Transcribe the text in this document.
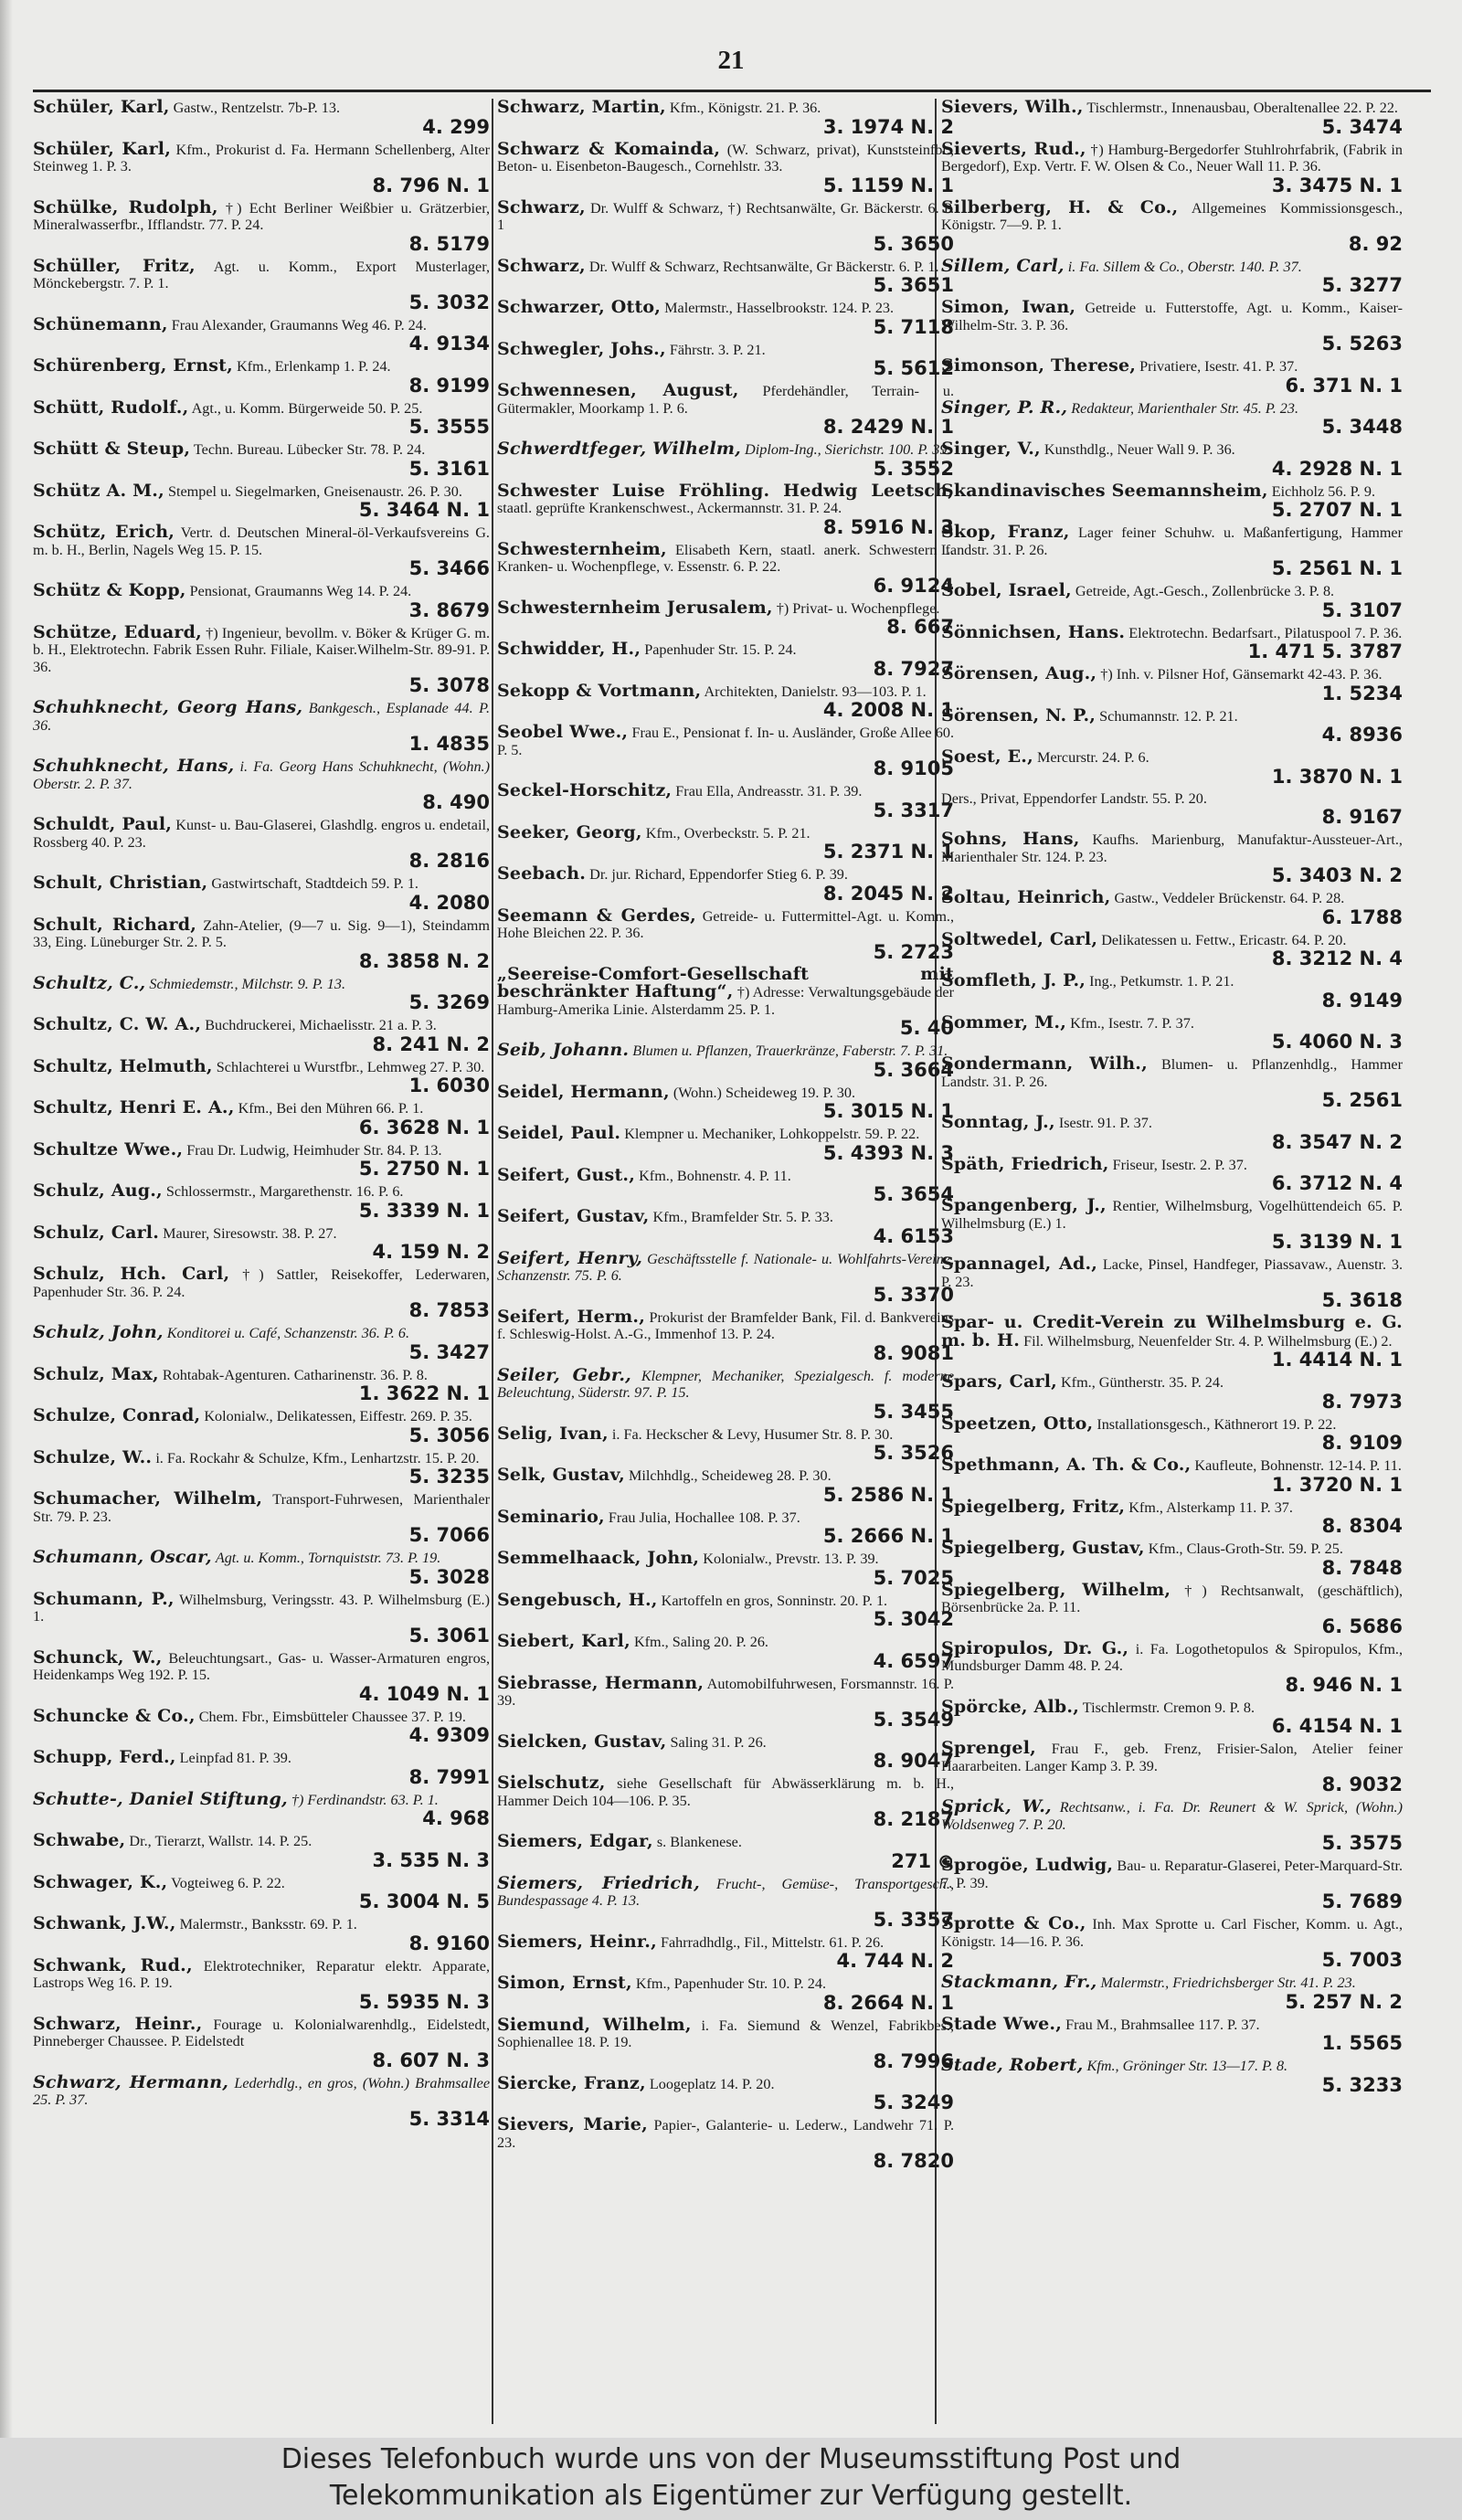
21
Schüler, Karl, Gastw., Rentzelstr. 7b-P. 13.
4. 299
Schüler, Karl, Kfm., Prokurist d. Fa. Hermann Schellenberg, Alter Steinweg 1. P. 3.
8. 796 N. 1
Schülke, Rudolph, †) Echt Berliner Weißbier u. Grätzerbier, Mineralwasserfbr., Ifflandstr. 77. P. 24.
8. 5179
Schüller, Fritz, Agt. u. Komm., Export Musterlager, Mönckebergstr. 7. P. 1.
5. 3032
Schünemann, Frau Alexander, Graumanns Weg 46. P. 24.
4. 9134
Schürenberg, Ernst, Kfm., Erlenkamp 1. P. 24.
8. 9199
Schütt, Rudolf., Agt., u. Komm. Bürgerweide 50. P. 25.
5. 3555
Schütt & Steup, Techn. Bureau. Lübecker Str. 78. P. 24.
5. 3161
Schütz A. M., Stempel u. Siegelmarken, Gneisenaustr. 26. P. 30.
5. 3464 N. 1
Schütz, Erich, Vertr. d. Deutschen Mineral-öl-Verkaufsvereins G. m. b. H., Berlin, Nagels Weg 15. P. 15.
5. 3466
Schütz & Kopp, Pensionat, Graumanns Weg 14. P. 24.
3. 8679
Schütze, Eduard, †) Ingenieur, bevollm. v. Böker & Krüger G. m. b. H., Elektrotechn. Fabrik Essen Ruhr. Filiale, Kaiser.Wilhelm-Str. 89-91. P. 36.
5. 3078
Schuhknecht, Georg Hans, Bankgesch., Esplanade 44. P. 36.
1. 4835
Schuhknecht, Hans, i. Fa. Georg Hans Schuhknecht, (Wohn.) Oberstr. 2. P. 37.
8. 490
Schuldt, Paul, Kunst- u. Bau-Glaserei, Glashdlg. engros u. endetail, Rossberg 40. P. 23.
8. 2816
Schult, Christian, Gastwirtschaft, Stadtdeich 59. P. 1.
4. 2080
Schult, Richard, Zahn-Atelier, (9—7 u. Sig. 9—1), Steindamm 33, Eing. Lüneburger Str. 2. P. 5.
8. 3858 N. 2
Schultz, C., Schmiedemstr., Milchstr. 9. P. 13.
5. 3269
Schultz, C. W. A., Buchdruckerei, Michaelisstr. 21 a. P. 3.
8. 241 N. 2
Schultz, Helmuth, Schlachterei u Wurstfbr., Lehmweg 27. P. 30.
1. 6030
Schultz, Henri E. A., Kfm., Bei den Mühren 66. P. 1.
6. 3628 N. 1
Schultze Wwe., Frau Dr. Ludwig, Heimhuder Str. 84. P. 13.
5. 2750 N. 1
Schulz, Aug., Schlossermstr., Margarethenstr. 16. P. 6.
5. 3339 N. 1
Schulz, Carl. Maurer, Siresowstr. 38. P. 27.
4. 159 N. 2
Schulz, Hch. Carl, †) Sattler, Reisekoffer, Lederwaren, Papenhuder Str. 36. P. 24.
8. 7853
Schulz, John, Konditorei u. Café, Schanzenstr. 36. P. 6.
5. 3427
Schulz, Max, Rohtabak-Agenturen. Catharinenstr. 36. P. 8.
1. 3622 N. 1
Schulze, Conrad, Kolonialw., Delikatessen, Eiffestr. 269. P. 35.
5. 3056
Schulze, W.. i. Fa. Rockahr & Schulze, Kfm., Lenhartzstr. 15. P. 20.
5. 3235
Schumacher, Wilhelm, Transport-Fuhrwesen, Marienthaler Str. 79. P. 23.
5. 7066
Schumann, Oscar, Agt. u. Komm., Tornquiststr. 73. P. 19.
5. 3028
Schumann, P., Wilhelmsburg, Veringsstr. 43. P. Wilhelmsburg (E.) 1.
5. 3061
Schunck, W., Beleuchtungsart., Gas- u. Wasser-Armaturen engros, Heidenkamps Weg 192. P. 15.
4. 1049 N. 1
Schuncke & Co., Chem. Fbr., Eimsbütteler Chaussee 37. P. 19.
4. 9309
Schupp, Ferd., Leinpfad 81. P. 39.
8. 7991
Schutte-, Daniel Stiftung, †) Ferdinandstr. 63. P. 1.
4. 968
Schwabe, Dr., Tierarzt, Wallstr. 14. P. 25.
3. 535 N. 3
Schwager, K., Vogteiweg 6. P. 22.
5. 3004 N. 5
Schwank, J.W., Malermstr., Banksstr. 69. P. 1.
8. 9160
Schwank, Rud., Elektrotechniker, Reparatur elektr. Apparate, Lastrops Weg 16. P. 19.
5. 5935 N. 3
Schwarz, Heinr., Fourage u. Kolonialwarenhdlg., Eidelstedt, Pinneberger Chaussee. P. Eidelstedt
8. 607 N. 3
Schwarz, Hermann, Lederhdlg., en gros, (Wohn.) Brahmsallee 25. P. 37.
5. 3314
Schwarz, Martin, Kfm., Königstr. 21. P. 36.
3. 1974 N. 2
Schwarz & Komainda, (W. Schwarz, privat), Kunststeinfbr., Beton- u. Eisenbeton-Baugesch., Cornehlstr. 33.
5. 1159 N. 1
Schwarz, Dr. Wulff & Schwarz, †) Rechtsanwälte, Gr. Bäckerstr. 6. P. 1
5. 3650
Schwarz, Dr. Wulff & Schwarz, Rechtsanwälte, Gr Bäckerstr. 6. P. 1.
5. 3651
Schwarzer, Otto, Malermstr., Hasselbrookstr. 124. P. 23.
5. 7118
Schwegler, Johs., Fährstr. 3. P. 21.
5. 5612
Schwennesen, August, Pferdehändler, Terrain- u. Gütermakler, Moorkamp 1. P. 6.
8. 2429 N. 1
Schwerdtfeger, Wilhelm, Diplom-Ing., Sierichstr. 100. P. 39.
5. 3552
Schwester Luise Fröhling. Hedwig Leetsch, staatl. geprüfte Krankenschwest., Ackermannstr. 31. P. 24.
8. 5916 N. 3
Schwesternheim, Elisabeth Kern, staatl. anerk. Schwestern f. Kranken- u. Wochenpflege, v. Essenstr. 6. P. 22.
6. 9124
Schwesternheim Jerusalem, †) Privat- u. Wochenpflege.
8. 667
Schwidder, H., Papenhuder Str. 15. P. 24.
8. 7927
Sekopp & Vortmann, Architekten, Danielstr. 93—103. P. 1.
4. 2008 N. 1
Seobel Wwe., Frau E., Pensionat f. In- u. Ausländer, Große Allee 60. P. 5.
8. 9105
Seckel-Horschitz, Frau Ella, Andreasstr. 31. P. 39.
5. 3317
Seeker, Georg, Kfm., Overbeckstr. 5. P. 21.
5. 2371 N. 1
Seebach. Dr. jur. Richard, Eppendorfer Stieg 6. P. 39.
8. 2045 N. 2
Seemann & Gerdes, Getreide- u. Futtermittel-Agt. u. Komm., Hohe Bleichen 22. P. 36.
5. 2723
„Seereise-Comfort-Gesellschaft mit beschränkter Haftung“, †) Adresse: Verwaltungsgebäude der Hamburg-Amerika Linie. Alsterdamm 25. P. 1.
5. 40
Seib, Johann. Blumen u. Pflanzen, Trauerkränze, Faberstr. 7. P. 31.
5. 3664
Seidel, Hermann, (Wohn.) Scheideweg 19. P. 30.
5. 3015 N. 1
Seidel, Paul. Klempner u. Mechaniker, Lohkoppelstr. 59. P. 22.
5. 4393 N. 3
Seifert, Gust., Kfm., Bohnenstr. 4. P. 11.
5. 3654
Seifert, Gustav, Kfm., Bramfelder Str. 5. P. 33.
4. 6153
Seifert, Henry, Geschäftsstelle f. Nationale- u. Wohlfahrts-Vereine, Schanzenstr. 75. P. 6.
5. 3370
Seifert, Herm., Prokurist der Bramfelder Bank, Fil. d. Bankvereins f. Schleswig-Holst. A.-G., Immenhof 13. P. 24.
8. 9081
Seiler, Gebr., Klempner, Mechaniker, Spezialgesch. f. moderne Beleuchtung, Süderstr. 97. P. 15.
5. 3455
Selig, Ivan, i. Fa. Heckscher & Levy, Husumer Str. 8. P. 30.
5. 3526
Selk, Gustav, Milchhdlg., Scheideweg 28. P. 30.
5. 2586 N. 1
Seminario, Frau Julia, Hochallee 108. P. 37.
5. 2666 N. 1
Semmelhaack, John, Kolonialw., Prevstr. 13. P. 39.
5. 7025
Sengebusch, H., Kartoffeln en gros, Sonninstr. 20. P. 1.
5. 3042
Siebert, Karl, Kfm., Saling 20. P. 26.
4. 6597
Siebrasse, Hermann, Automobilfuhrwesen, Forsmannstr. 16. P. 39.
5. 3549
Sielcken, Gustav, Saling 31. P. 26.
8. 9047
Sielschutz, siehe Gesellschaft für Abwässerklärung m. b. H., Hammer Deich 104—106. P. 35.
8. 2187
Siemers, Edgar, s. Blankenese.
271 ⊕
Siemers, Friedrich, Frucht-, Gemüse-, Transportgesch., Bundespassage 4. P. 13.
5. 3357
Siemers, Heinr., Fahrradhdlg., Fil., Mittelstr. 61. P. 26.
4. 744 N. 2
Simon, Ernst, Kfm., Papenhuder Str. 10. P. 24.
8. 2664 N. 1
Siemund, Wilhelm, i. Fa. Siemund & Wenzel, Fabrikbes., Sophienallee 18. P. 19.
8. 7996
Siercke, Franz, Loogeplatz 14. P. 20.
5. 3249
Sievers, Marie, Papier-, Galanterie- u. Lederw., Landwehr 71. P. 23.
8. 7820
Sievers, Wilh., Tischlermstr., Innenausbau, Oberaltenallee 22. P. 22.
5. 3474
Sieverts, Rud., †) Hamburg-Bergedorfer Stuhlrohrfabrik, (Fabrik in Bergedorf), Exp. Vertr. F. W. Olsen & Co., Neuer Wall 11. P. 36.
3. 3475 N. 1
Silberberg, H. & Co., Allgemeines Kommissionsgesch., Königstr. 7—9. P. 1.
8. 92
Sillem, Carl, i. Fa. Sillem & Co., Oberstr. 140. P. 37.
5. 3277
Simon, Iwan, Getreide u. Futterstoffe, Agt. u. Komm., Kaiser-Wilhelm-Str. 3. P. 36.
5. 5263
Simonson, Therese, Privatiere, Isestr. 41. P. 37.
6. 371 N. 1
Singer, P. R., Redakteur, Marienthaler Str. 45. P. 23.
5. 3448
Singer, V., Kunsthdlg., Neuer Wall 9. P. 36.
4. 2928 N. 1
Skandinavisches Seemannsheim, Eichholz 56. P. 9.
5. 2707 N. 1
Skop, Franz, Lager feiner Schuhw. u. Maßanfertigung, Hammer Landstr. 31. P. 26.
5. 2561 N. 1
Sobel, Israel, Getreide, Agt.-Gesch., Zollenbrücke 3. P. 8.
5. 3107
Sönnichsen, Hans. Elektrotechn. Bedarfsart., Pilatuspool 7. P. 36.
1. 471 5. 3787
Sörensen, Aug., †) Inh. v. Pilsner Hof, Gänsemarkt 42-43. P. 36.
1. 5234
Sörensen, N. P., Schumannstr. 12. P. 21.
4. 8936
Soest, E., Mercurstr. 24. P. 6.
1. 3870 N. 1
Ders., Privat, Eppendorfer Landstr. 55. P. 20.
8. 9167
Sohns, Hans, Kaufhs. Marienburg, Manufaktur-Aussteuer-Art., Marienthaler Str. 124. P. 23.
5. 3403 N. 2
Soltau, Heinrich, Gastw., Veddeler Brückenstr. 64. P. 28.
6. 1788
Soltwedel, Carl, Delikatessen u. Fettw., Ericastr. 64. P. 20.
8. 3212 N. 4
Somfleth, J. P., Ing., Petkumstr. 1. P. 21.
8. 9149
Sommer, M., Kfm., Isestr. 7. P. 37.
5. 4060 N. 3
Sondermann, Wilh., Blumen- u. Pflanzenhdlg., Hammer Landstr. 31. P. 26.
5. 2561
Sonntag, J., Isestr. 91. P. 37.
8. 3547 N. 2
Späth, Friedrich, Friseur, Isestr. 2. P. 37.
6. 3712 N. 4
Spangenberg, J., Rentier, Wilhelmsburg, Vogelhüttendeich 65. P. Wilhelmsburg (E.) 1.
5. 3139 N. 1
Spannagel, Ad., Lacke, Pinsel, Handfeger, Piassavaw., Auenstr. 3. P. 23.
5. 3618
Spar- u. Credit-Verein zu Wilhelmsburg e. G. m. b. H. Fil. Wilhelmsburg, Neuenfelder Str. 4. P. Wilhelmsburg (E.) 2.
1. 4414 N. 1
Spars, Carl, Kfm., Güntherstr. 35. P. 24.
8. 7973
Speetzen, Otto, Installationsgesch., Käthnerort 19. P. 22.
8. 9109
Spethmann, A. Th. & Co., Kaufleute, Bohnenstr. 12-14. P. 11.
1. 3720 N. 1
Spiegelberg, Fritz, Kfm., Alsterkamp 11. P. 37.
8. 8304
Spiegelberg, Gustav, Kfm., Claus-Groth-Str. 59. P. 25.
8. 7848
Spiegelberg, Wilhelm, †) Rechtsanwalt, (geschäftlich), Börsenbrücke 2a. P. 11.
6. 5686
Spiropulos, Dr. G., i. Fa. Logothetopulos & Spiropulos, Kfm., Mundsburger Damm 48. P. 24.
8. 946 N. 1
Spörcke, Alb., Tischlermstr. Cremon 9. P. 8.
6. 4154 N. 1
Sprengel, Frau F., geb. Frenz, Frisier-Salon, Atelier feiner Haararbeiten. Langer Kamp 3. P. 39.
8. 9032
Sprick, W., Rechtsanw., i. Fa. Dr. Reunert & W. Sprick, (Wohn.) Woldsenweg 7. P. 20.
5. 3575
Sprogöe, Ludwig, Bau- u. Reparatur-Glaserei, Peter-Marquard-Str. 7. P. 39.
5. 7689
Sprotte & Co., Inh. Max Sprotte u. Carl Fischer, Komm. u. Agt., Königstr. 14—16. P. 36.
5. 7003
Stackmann, Fr., Malermstr., Friedrichsberger Str. 41. P. 23.
5. 257 N. 2
Stade Wwe., Frau M., Brahmsallee 117. P. 37.
1. 5565
Stade, Robert, Kfm., Gröninger Str. 13—17. P. 8.
5. 3233
Dieses Telefonbuch wurde uns von der Museumsstiftung Post und
Telekommunikation als Eigentümer zur Verfügung gestellt.
